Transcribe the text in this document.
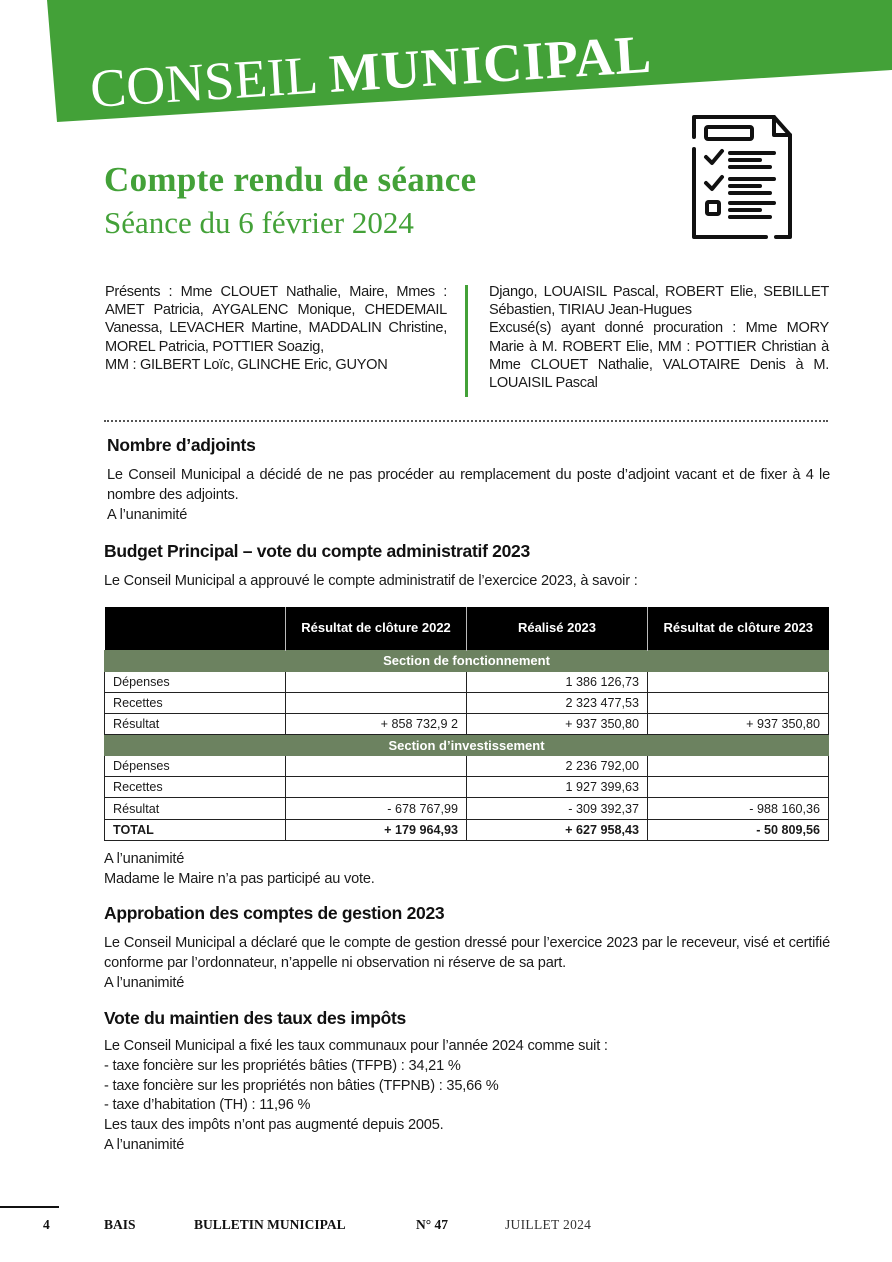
CONSEIL MUNICIPAL
Compte rendu de séance
Séance du 6 février 2024
Présents : Mme CLOUET Nathalie, Maire, Mmes : AMET Patricia, AYGALENC Monique, CHEDEMAIL Vanessa, LEVACHER Martine, MADDALIN Christine, MOREL Patricia, POTTIER Soazig,
MM : GILBERT Loïc, GLINCHE Eric, GUYON
Django, LOUAISIL Pascal, ROBERT Elie, SEBILLET Sébastien, TIRIAU Jean-Hugues
Excusé(s) ayant donné procuration : Mme MORY Marie à M. ROBERT Elie, MM : POTTIER Christian à Mme CLOUET Nathalie, VALOTAIRE Denis à M. LOUAISIL Pascal
Nombre d’adjoints

Le Conseil Municipal a décidé de ne pas procéder au remplacement du poste d’adjoint vacant et de fixer à 4 le nombre des adjoints.

A l’unanimité

Budget Principal – vote du compte administratif 2023

Le Conseil Municipal a approuvé le compte administratif de l’exercice 2023, à savoir :

	Résultat de clôture 2022	Réalisé 2023	Résultat de clôture 2023
Section de fonctionnement			
Dépenses		1 386 126,73	
Recettes		2 323 477,53	
Résultat	+ 858 732,9 2	+ 937 350,80	+ 937 350,80
Section d’investissement			
Dépenses		2 236 792,00	
Recettes		1 927 399,63	
Résultat	- 678 767,99	- 309 392,37	- 988 160,36
TOTAL	+ 179 964,93	+ 627 958,43	- 50 809,56

A l’unanimité

Madame le Maire n’a pas participé au vote.

Approbation des comptes de gestion 2023

Le Conseil Municipal a déclaré que le compte de gestion dressé pour l’exercice 2023 par le receveur, visé et certifié conforme par l’ordonnateur, n’appelle ni observation ni réserve de sa part.

A l’unanimité

Vote du maintien des taux des impôts

Le Conseil Municipal a fixé les taux communaux pour l’année 2024 comme suit :

- taxe foncière sur les propriétés bâties (TFPB) : 34,21 %

- taxe foncière sur les propriétés non bâties (TFPNB) : 35,66 %

- taxe d’habitation (TH) : 11,96 %

Les taux des impôts n’ont pas augmenté depuis 2005.

A l’unanimité

4	BAIS	BULLETIN MUNICIPAL	N° 47	JUILLET 2024
